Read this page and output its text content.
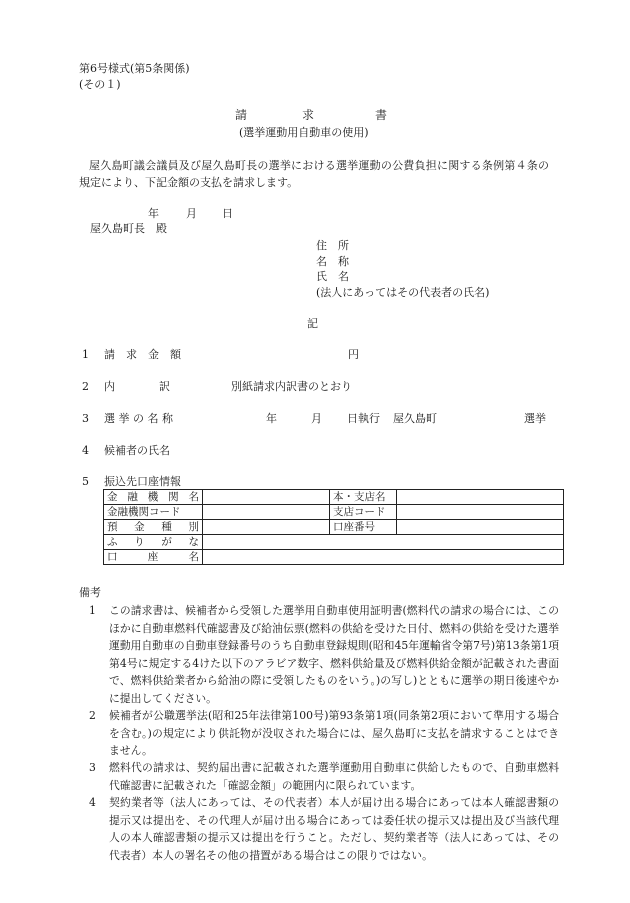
第6号様式(第5条関係)
(その１)
請	求	書
(選挙運動用自動車の使用)
屋久島町議会議員及び屋久島町長の選挙における選挙運動の公費負担に関する条例第４条の規定により、下記金額の支払を請求します。
年 月 日
屋久島町長　殿
住　所
名　称
氏　名
(法人にあってはその代表者の氏名)
記
1 請　求　金　額	円
2 内　　　　訳	別紙請求内訳書のとおり
3 選 挙 の 名 称	年	月 日執行 屋久島町	選挙
4 候補者の氏名
5 振込先口座情報
金 融 機 関 名		本・支店名	
金融機関コード		支店コード	

預 金 種 別		口座番号	

ふ り が な			

口 座 名			

備考
1 この請求書は、候補者から受領した選挙用自動車使用証明書(燃料代の請求の場合には、このほかに自動車燃料代確認書及び給油伝票(燃料の供給を受けた日付、燃料の供給を受けた選挙運動用自動車の自動車登録番号のうち自動車登録規則(昭和45年運輸省令第7号)第13条第1項第4号に規定する4けた以下のアラビア数字、燃料供給量及び燃料供給金額が記載された書面で、燃料供給業者から給油の際に受領したものをいう。)の写し)とともに選挙の期日後速やかに提出してください。
2 候補者が公職選挙法(昭和25年法律第100号)第93条第1項(同条第2項において準用する場合を含む。)の規定により供託物が没収された場合には、屋久島町に支払を請求することはできません。
3 燃料代の請求は、契約届出書に記載された選挙運動用自動車に供給したもので、自動車燃料代確認書に記載された「確認金額」の範囲内に限られています。
4 契約業者等（法人にあっては、その代表者）本人が届け出る場合にあっては本人確認書類の提示又は提出を、その代理人が届け出る場合にあっては委任状の提示又は提出及び当該代理人の本人確認書類の提示又は提出を行うこと。ただし、契約業者等（法人にあっては、その代表者）本人の署名その他の措置がある場合はこの限りではない。
